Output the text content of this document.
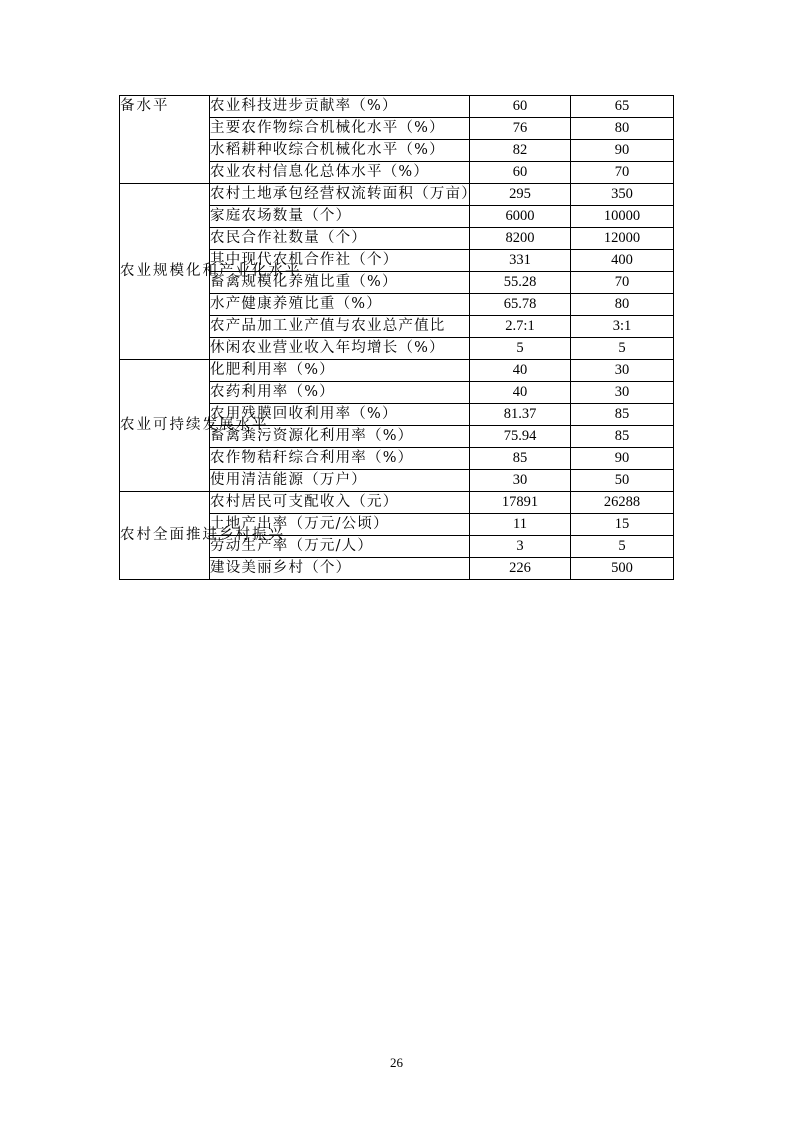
备水平	农业科技进步贡献率（%）	60	65
	主要农作物综合机械化水平（%）	76	80
	水稻耕种收综合机械化水平（%）	82	90
	农业农村信息化总体水平（%）	60	70
农业规模化和产业化水平	农村土地承包经营权流转面积（万亩）	295	350
	家庭农场数量（个）	6000	10000
	农民合作社数量（个）	8200	12000
	其中现代农机合作社（个）	331	400
	畜禽规模化养殖比重（%）	55.28	70
	水产健康养殖比重（%）	65.78	80
	农产品加工业产值与农业总产值比	2.7:1	3:1
	休闲农业营业收入年均增长（%）	5	5
农业可持续发展水平	化肥利用率（%）	40	30
	农药利用率（%）	40	30
	农用残膜回收利用率（%）	81.37	85
	畜禽粪污资源化利用率（%）	75.94	85
	农作物秸秆综合利用率（%）	85	90
	使用清洁能源（万户）	30	50
农村全面推进乡村振兴	农村居民可支配收入（元）	17891	26288
	土地产出率（万元/公顷）	11	15
	劳动生产率（万元/人）	3	5
	建设美丽乡村（个）	226	500
26
